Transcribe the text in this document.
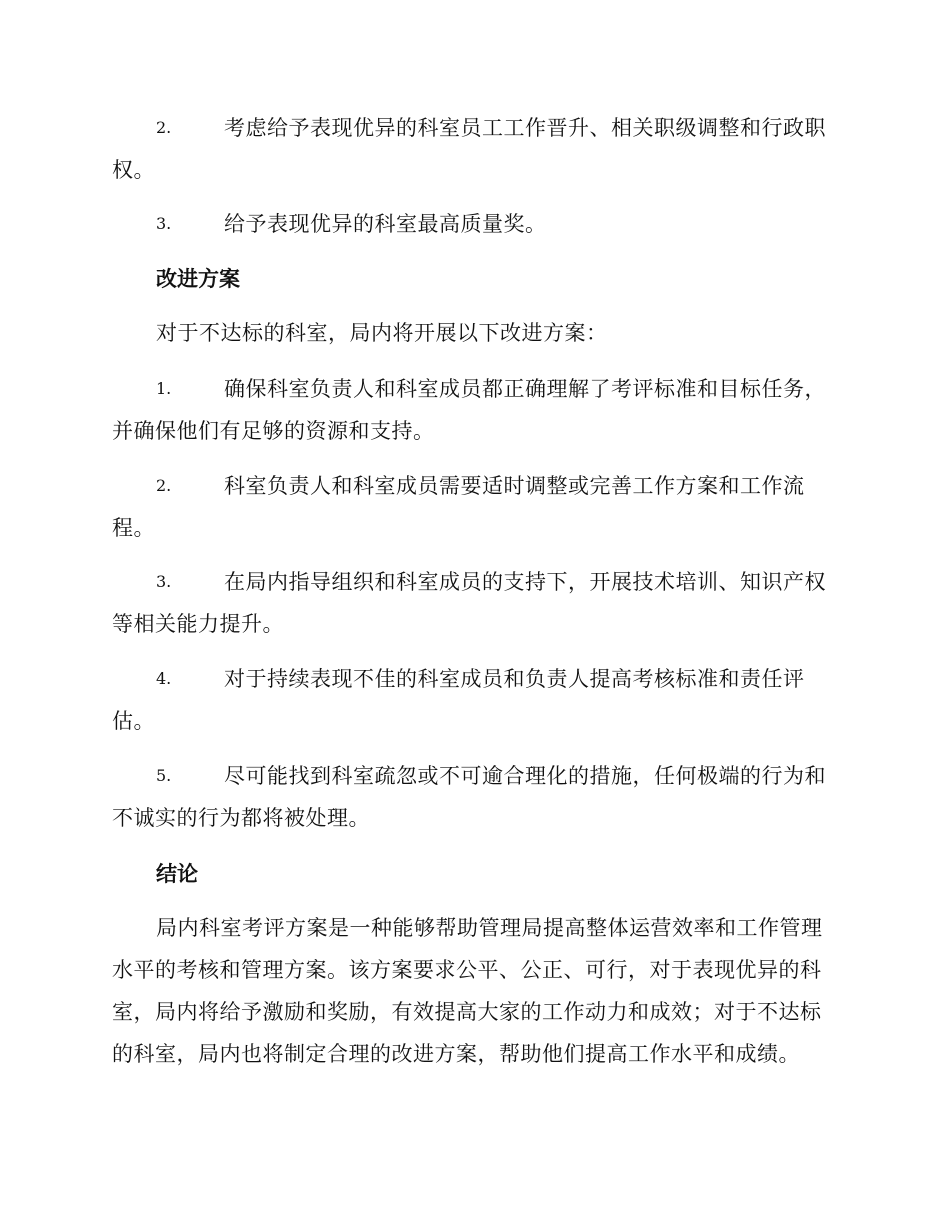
2.	考虑给予表现优异的科室员工工作晋升、相关职级调整和行政职
权。
3.	给予表现优异的科室最高质量奖。
改进方案
对于不达标的科室，局内将开展以下改进方案：
1.	确保科室负责人和科室成员都正确理解了考评标准和目标任务，
并确保他们有足够的资源和支持。
2.	科室负责人和科室成员需要适时调整或完善工作方案和工作流
程。
3.	在局内指导组织和科室成员的支持下，开展技术培训、知识产权
等相关能力提升。
4.	对于持续表现不佳的科室成员和负责人提高考核标准和责任评
估。
5.	尽可能找到科室疏忽或不可逾合理化的措施，任何极端的行为和
不诚实的行为都将被处理。
结论
局内科室考评方案是一种能够帮助管理局提高整体运营效率和工作管理
水平的考核和管理方案。该方案要求公平、公正、可行，对于表现优异的科
室，局内将给予激励和奖励，有效提高大家的工作动力和成效；对于不达标
的科室，局内也将制定合理的改进方案，帮助他们提高工作水平和成绩。
